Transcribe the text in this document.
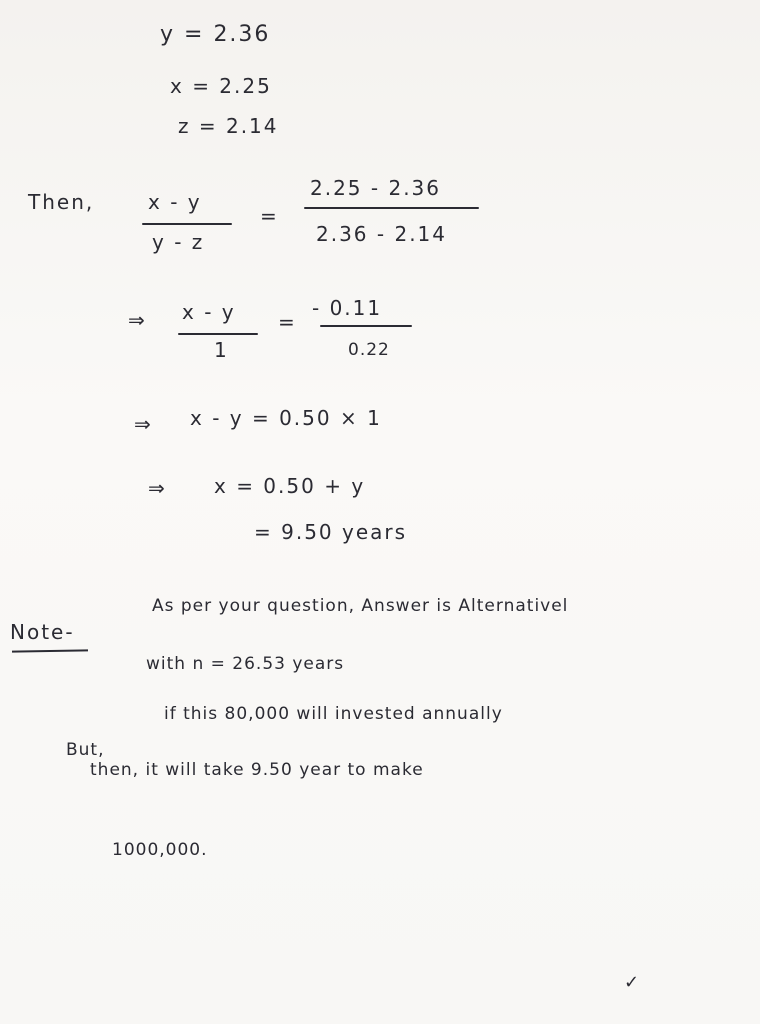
y = 2.36
x = 2.25
z = 2.14
Then,	x - y
y - z
=
2.25 - 2.36
2.36 - 2.14
⇒ x - y
1
=
- 0.11
0.22
⇒ x - y = 0.50 × 1
⇒ x = 0.50 + y
= 9.50 years
Note-
As per your question, Answer is Alternativel
with n = 26.53 years
But,
if this 80,000 will invested annually
then, it will take 9.50 year to make
1000,000.
✓
